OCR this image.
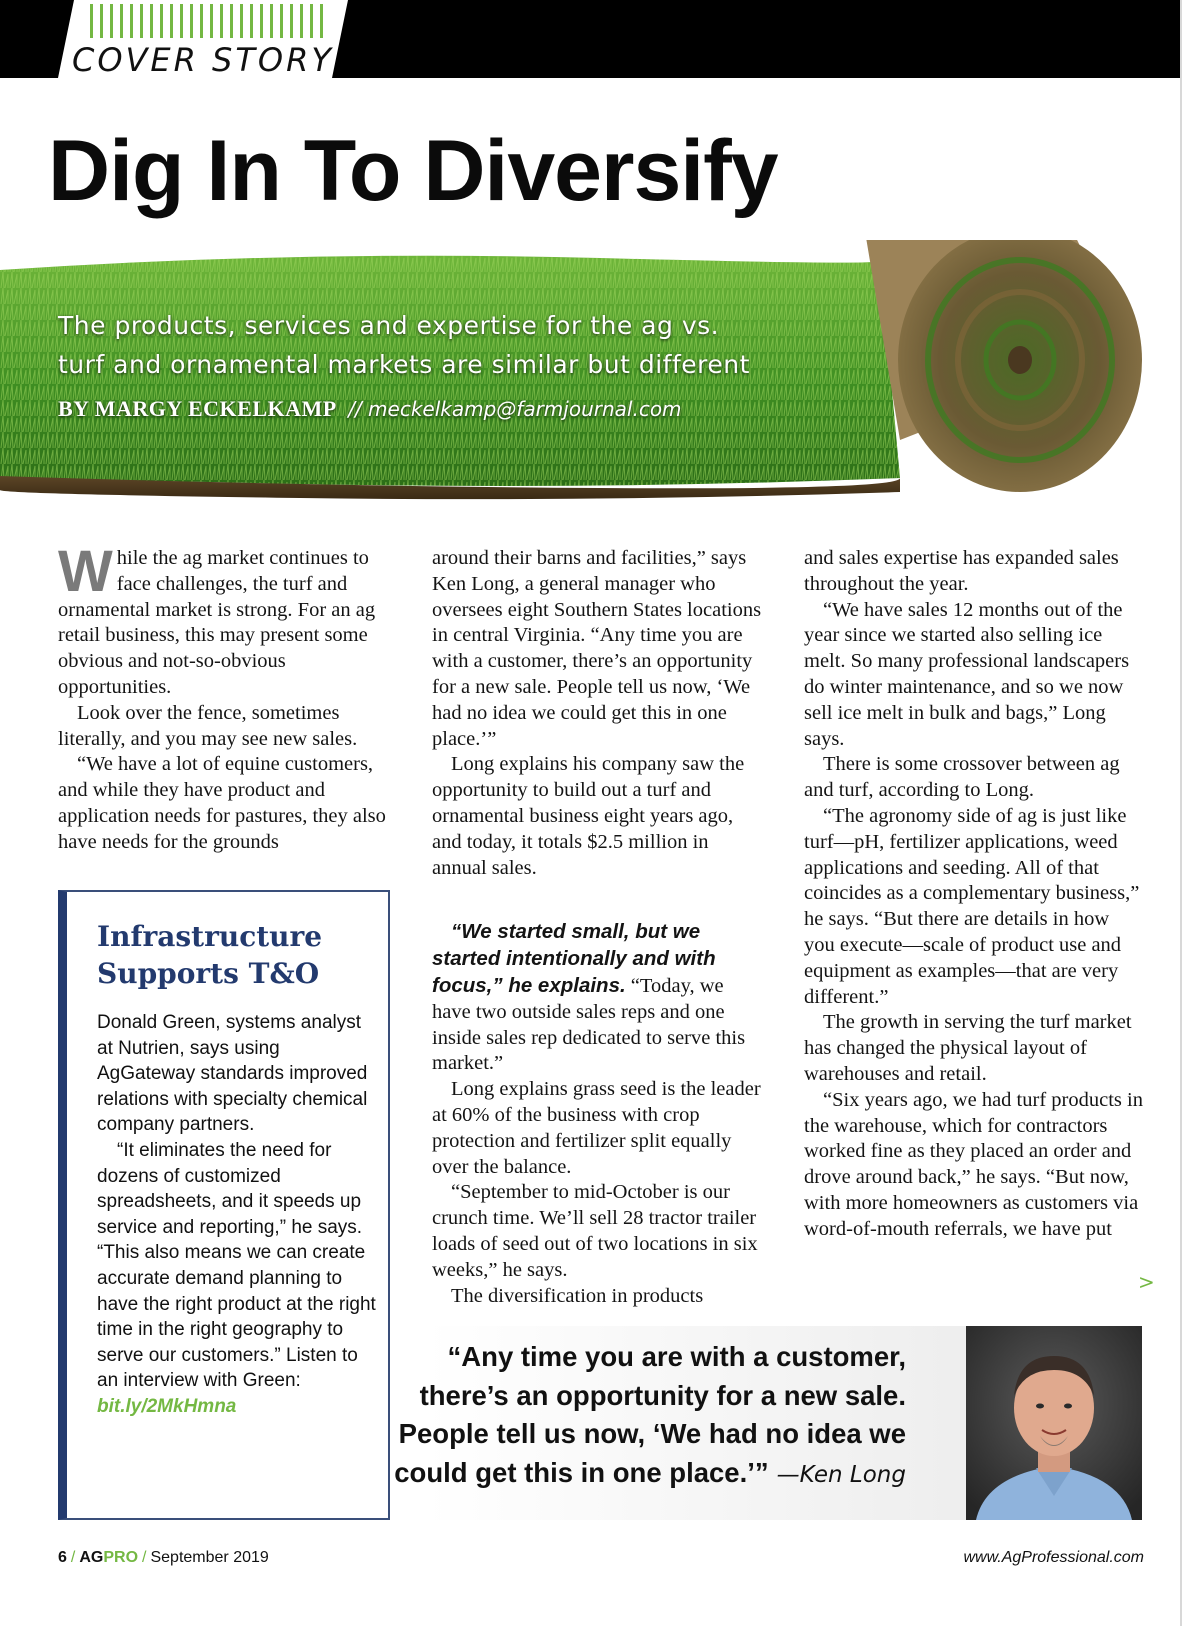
COVER STORY
Dig In To Diversify
The products, services and expertise for the ag vs.
turf and ornamental markets are similar but different
BY MARGY ECKELKAMP // meckelkamp@farmjournal.com

While the ag market continues to face challenges, the turf and ornamental market is strong. For an ag retail business, this may present some obvious and not-so-obvious opportunities.

Look over the fence, sometimes literally, and you may see new sales.

“We have a lot of equine customers, and while they have product and application needs for pastures, they also have needs for the grounds

Infrastructure
Supports T&O

Donald Green, systems analyst at Nutrien, says using AgGateway standards improved relations with specialty chemical company partners.

“It eliminates the need for dozens of customized spreadsheets, and it speeds up service and reporting,” he says. “This also means we can create accurate demand planning to have the right product at the right time in the right geography to serve our customers.” Listen to an interview with Green:

bit.ly/2MkHmna

around their barns and facilities,” says Ken Long, a general manager who oversees eight Southern States locations in central Virginia. “Any time you are with a customer, there’s an opportunity for a new sale. People tell us now, ‘We had no idea we could get this in one place.’”

Long explains his company saw the opportunity to build out a turf and ornamental business eight years ago, and today, it totals $2.5 million in annual sales.

“We started small, but we started intentionally and with focus,” he explains. “Today, we have two outside sales reps and one inside sales rep dedicated to serve this market.”

Long explains grass seed is the leader at 60% of the business with crop protection and fertilizer split equally over the balance.

“September to mid-October is our crunch time. We’ll sell 28 tractor trailer loads of seed out of two locations in six weeks,” he says.

The diversification in products

and sales expertise has expanded sales throughout the year.

“We have sales 12 months out of the year since we started also selling ice melt. So many professional landscapers do winter maintenance, and so we now sell ice melt in bulk and bags,” Long says.

There is some crossover between ag and turf, according to Long.

“The agronomy side of ag is just like turf—pH, fertilizer applications, weed applications and seeding. All of that coincides as a complementary business,” he says. “But there are details in how you execute—scale of product use and equipment as examples—that are very different.”

The growth in serving the turf market has changed the physical layout of warehouses and retail.

“Six years ago, we had turf products in the warehouse, which for contractors worked fine as they placed an order and drove around back,” he says. “But now, with more homeowners as customers via word-of-mouth referrals, we have put

>
“Any time you are with a customer, there’s an opportunity for a new sale. People tell us now, ‘We had no idea we could get this in one place.’” —Ken Long
6 / AGPRO / September 2019	www.AgProfessional.com
